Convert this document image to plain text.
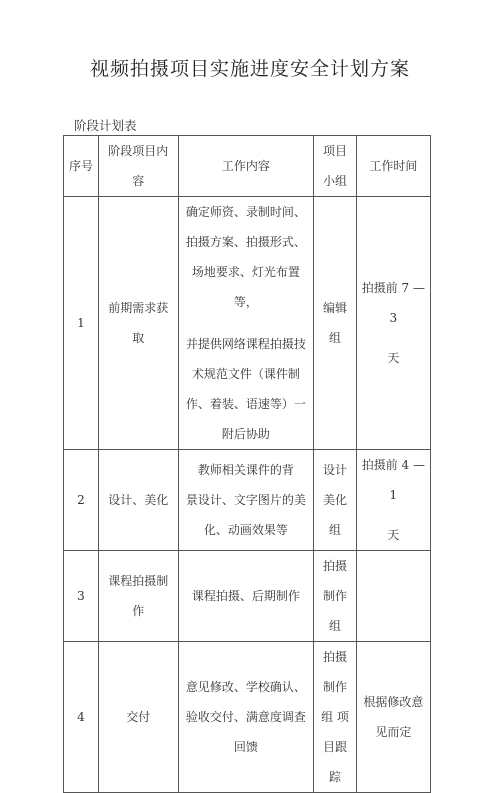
视频拍摄项目实施进度安全计划方案
阶段计划表
序号	阶段项目内容	工作内容	项目小组	工作时间
1	前期需求获取	确定师资、录制时间、拍摄方案、拍摄形式、场地要求、灯光布置等，
并提供网络课程拍摄技术规范文件（课件制作、着装、语速等）一附后协助	编辑组	拍摄前 7 —3
天

2	设计、美化	教师相关课件的背
景设计、文字图片的美化、动画效果等	设计美化组	拍摄前 4 —1
天

3	课程拍摄制作	课程拍摄、后期制作	拍摄制作组	

4	交付	意见修改、学校确认、验收交付、满意度调查回馈	拍摄制作组 项目跟 踪	根据修改意见而定
